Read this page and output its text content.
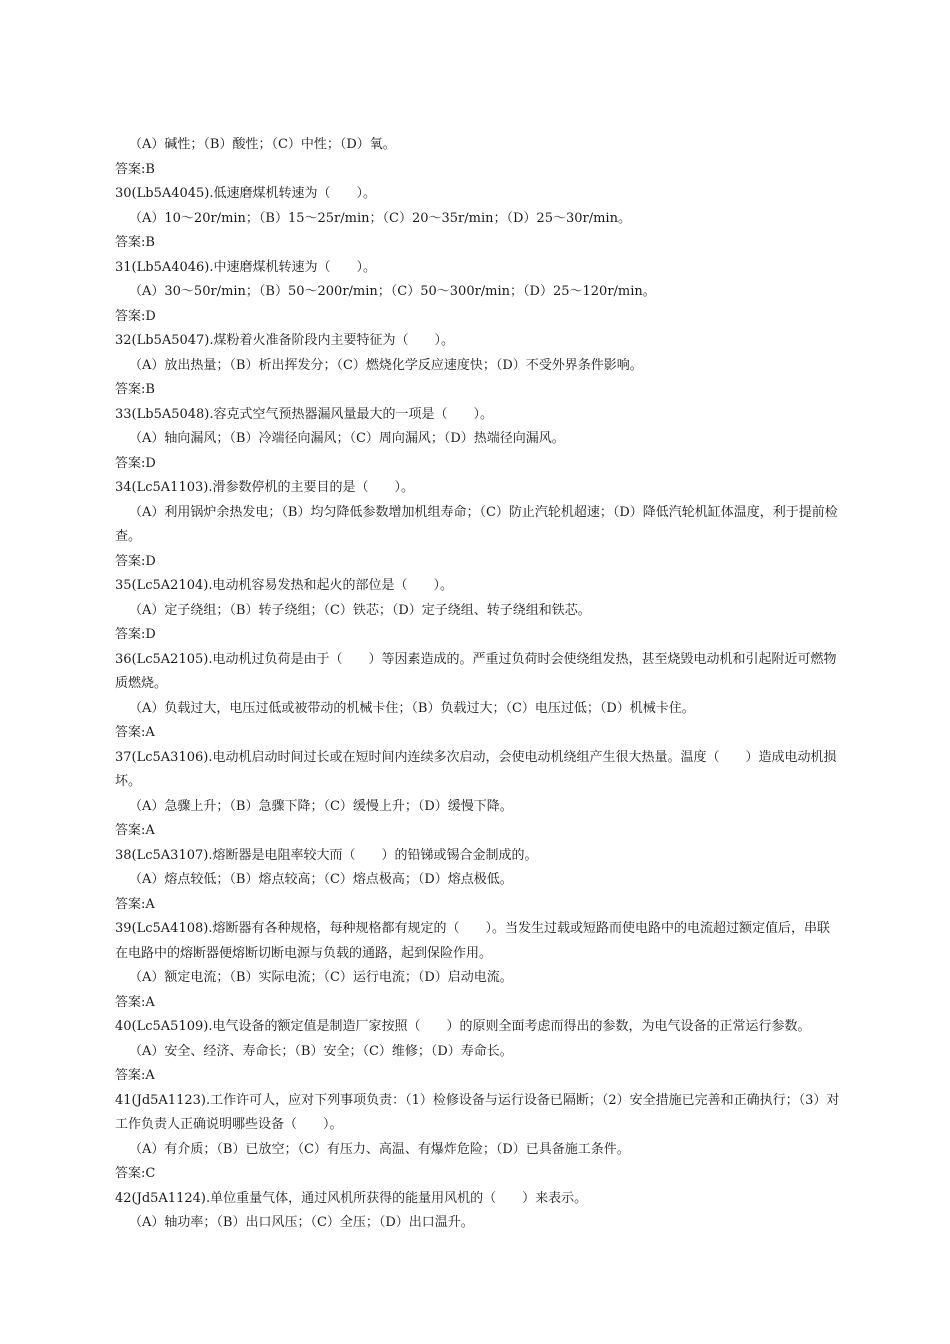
（A）碱性；（B）酸性；（C）中性；（D）氧。
答案:B
30(Lb5A4045).低速磨煤机转速为（　　）。
（A）10～20r/min；（B）15～25r/min；（C）20～35r/min；（D）25～30r/min。
答案:B
31(Lb5A4046).中速磨煤机转速为（　　）。
（A）30～50r/min；（B）50～200r/min；（C）50～300r/min；（D）25～120r/min。
答案:D
32(Lb5A5047).煤粉着火准备阶段内主要特征为（　　）。
（A）放出热量；（B）析出挥发分；（C）燃烧化学反应速度快；（D）不受外界条件影响。
答案:B
33(Lb5A5048).容克式空气预热器漏风量最大的一项是（　　）。
（A）轴向漏风；（B）冷端径向漏风；（C）周向漏风；（D）热端径向漏风。
答案:D
34(Lc5A1103).滑参数停机的主要目的是（　　）。
（A）利用锅炉余热发电；（B）均匀降低参数增加机组寿命；（C）防止汽轮机超速；（D）降低汽轮机缸体温度，利于提前检查。
答案:D
35(Lc5A2104).电动机容易发热和起火的部位是（　　）。
（A）定子绕组；（B）转子绕组；（C）铁芯；（D）定子绕组、转子绕组和铁芯。
答案:D
36(Lc5A2105).电动机过负荷是由于（　　）等因素造成的。严重过负荷时会使绕组发热，甚至烧毁电动机和引起附近可燃物质燃烧。
（A）负载过大，电压过低或被带动的机械卡住；（B）负载过大；（C）电压过低；（D）机械卡住。
答案:A
37(Lc5A3106).电动机启动时间过长或在短时间内连续多次启动，会使电动机绕组产生很大热量。温度（　　）造成电动机损坏。
（A）急骤上升；（B）急骤下降；（C）缓慢上升；（D）缓慢下降。
答案:A
38(Lc5A3107).熔断器是电阻率较大而（　　）的铅锑或锡合金制成的。
（A）熔点较低；（B）熔点较高；（C）熔点极高；（D）熔点极低。
答案:A
39(Lc5A4108).熔断器有各种规格，每种规格都有规定的（　　）。当发生过载或短路而使电路中的电流超过额定值后，串联在电路中的熔断器便熔断切断电源与负载的通路，起到保险作用。
（A）额定电流；（B）实际电流；（C）运行电流；（D）启动电流。
答案:A
40(Lc5A5109).电气设备的额定值是制造厂家按照（　　）的原则全面考虑而得出的参数，为电气设备的正常运行参数。
（A）安全、经济、寿命长；（B）安全；（C）维修；（D）寿命长。
答案:A
41(Jd5A1123).工作许可人，应对下列事项负责：（1）检修设备与运行设备已隔断；（2）安全措施已完善和正确执行；（3）对工作负责人正确说明哪些设备（　　）。
（A）有介质；（B）已放空；（C）有压力、高温、有爆炸危险；（D）已具备施工条件。
答案:C
42(Jd5A1124).单位重量气体，通过风机所获得的能量用风机的（　　）来表示。
（A）轴功率；（B）出口风压；（C）全压；（D）出口温升。
